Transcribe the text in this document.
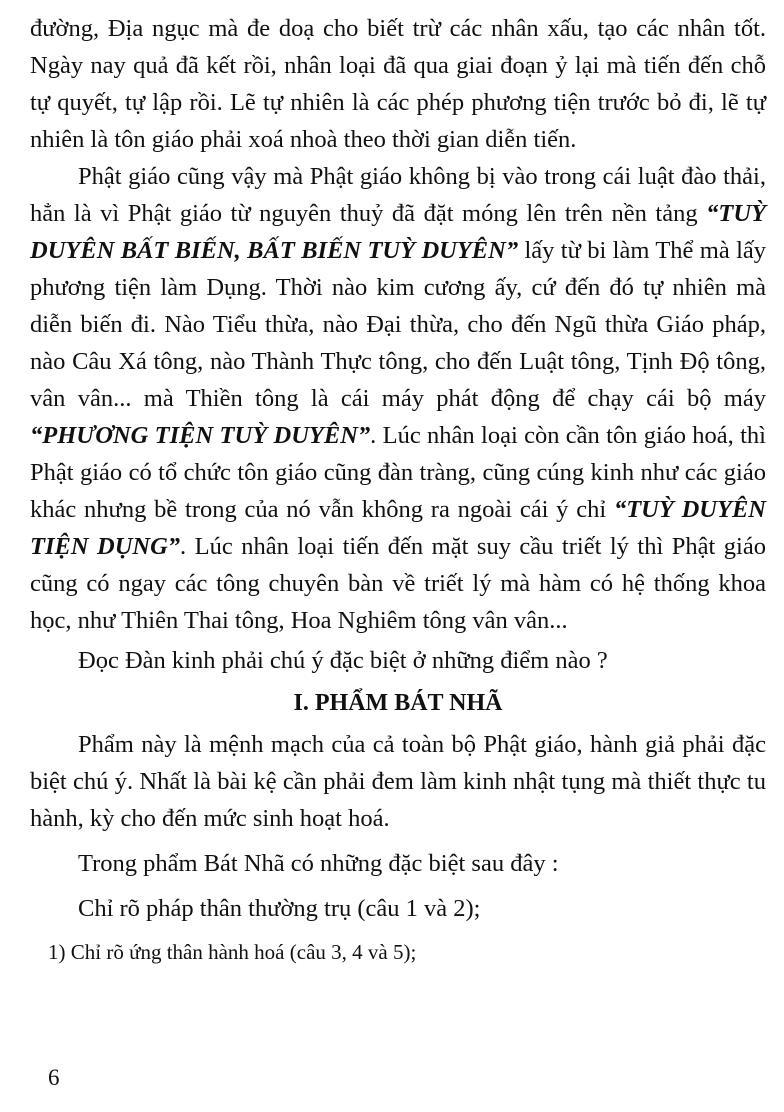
đường, Địa ngục mà đe doạ cho biết trừ các nhân xấu, tạo các nhân tốt. Ngày nay quả đã kết rồi, nhân loại đã qua giai đoạn ỷ lại mà tiến đến chỗ tự quyết, tự lập rồi. Lẽ tự nhiên là các phép phương tiện trước bỏ đi, lẽ tự nhiên là tôn giáo phải xoá nhoà theo thời gian diễn tiến.

Phật giáo cũng vậy mà Phật giáo không bị vào trong cái luật đào thải, hẳn là vì Phật giáo từ nguyên thuỷ đã đặt móng lên trên nền tảng “TUỲ DUYÊN BẤT BIẾN, BẤT BIẾN TUỲ DUYÊN” lấy từ bi làm Thể mà lấy phương tiện làm Dụng. Thời nào kim cương ấy, cứ đến đó tự nhiên mà diễn biến đi. Nào Tiểu thừa, nào Đại thừa, cho đến Ngũ thừa Giáo pháp, nào Câu Xá tông, nào Thành Thực tông, cho đến Luật tông, Tịnh Độ tông, vân vân... mà Thiền tông là cái máy phát động để chạy cái bộ máy “PHƯƠNG TIỆN TUỲ DUYÊN”. Lúc nhân loại còn cần tôn giáo hoá, thì Phật giáo có tổ chức tôn giáo cũng đàn tràng, cũng cúng kinh như các giáo khác nhưng bề trong của nó vẫn không ra ngoài cái ý chỉ “TUỲ DUYÊN TIỆN DỤNG”. Lúc nhân loại tiến đến mặt suy cầu triết lý thì Phật giáo cũng có ngay các tông chuyên bàn về triết lý mà hàm có hệ thống khoa học, như Thiên Thai tông, Hoa Nghiêm tông vân vân...

Đọc Đàn kinh phải chú ý đặc biệt ở những điểm nào ?

I. PHẨM BÁT NHÃ

Phẩm này là mệnh mạch của cả toàn bộ Phật giáo, hành giả phải đặc biệt chú ý. Nhất là bài kệ cần phải đem làm kinh nhật tụng mà thiết thực tu hành, kỳ cho đến mức sinh hoạt hoá.

Trong phẩm Bát Nhã có những đặc biệt sau đây :

Chỉ rõ pháp thân thường trụ (câu 1 và 2);

1) Chỉ rõ ứng thân hành hoá (câu 3, 4 và 5);

6
